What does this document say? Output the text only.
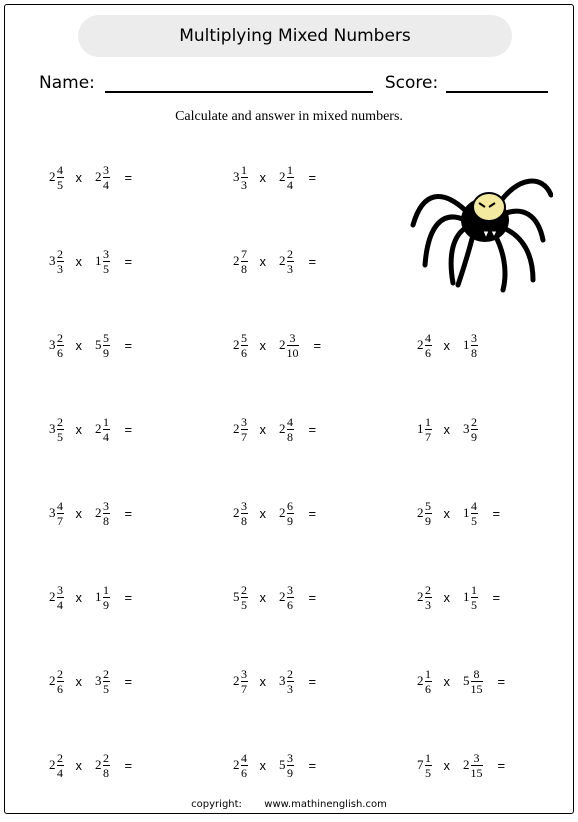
Multiplying Mixed Numbers
Name:	Score:
Calculate and answer in mixed numbers.
$2 \frac{4}{5}$ x $2 \frac{3}{4}$ =	$3 \frac{1}{3}$ x $2 \frac{1}{4}$ =
$3 \frac{2}{3}$ x $1 \frac{3}{5}$ =	$2 \frac{7}{8}$ x $2 \frac{2}{3}$ =
$3 \frac{2}{6}$ x $5 \frac{5}{9}$ =	$2 \frac{5}{6}$ x $2 \frac{3}{10}$ =	$2 \frac{4}{6}$ x $1 \frac{3}{8}$
$3 \frac{2}{5}$ x $2 \frac{1}{4}$ =	$2 \frac{3}{7}$ x $2 \frac{4}{8}$ =	$1 \frac{1}{7}$ x $3 \frac{2}{9}$
$3 \frac{4}{7}$ x $2 \frac{3}{8}$ =	$2 \frac{3}{8}$ x $2 \frac{6}{9}$ =	$2 \frac{5}{9}$ x $1 \frac{4}{5}$ =
$2 \frac{3}{4}$ x $1 \frac{1}{9}$ =	$5 \frac{2}{5}$ x $2 \frac{3}{6}$ =	$2 \frac{2}{3}$ x $1 \frac{1}{5}$ =
$2 \frac{2}{6}$ x $3 \frac{2}{5}$ =	$2 \frac{3}{7}$ x $3 \frac{2}{3}$ =	$2 \frac{1}{6}$ x $5 \frac{8}{15}$ =
$2 \frac{2}{4}$ x $2 \frac{2}{8}$ =	$2 \frac{4}{6}$ x $5 \frac{3}{9}$ =	$7 \frac{1}{5}$ x $2 \frac{3}{15}$ =
copyright: www.mathinenglish.com
